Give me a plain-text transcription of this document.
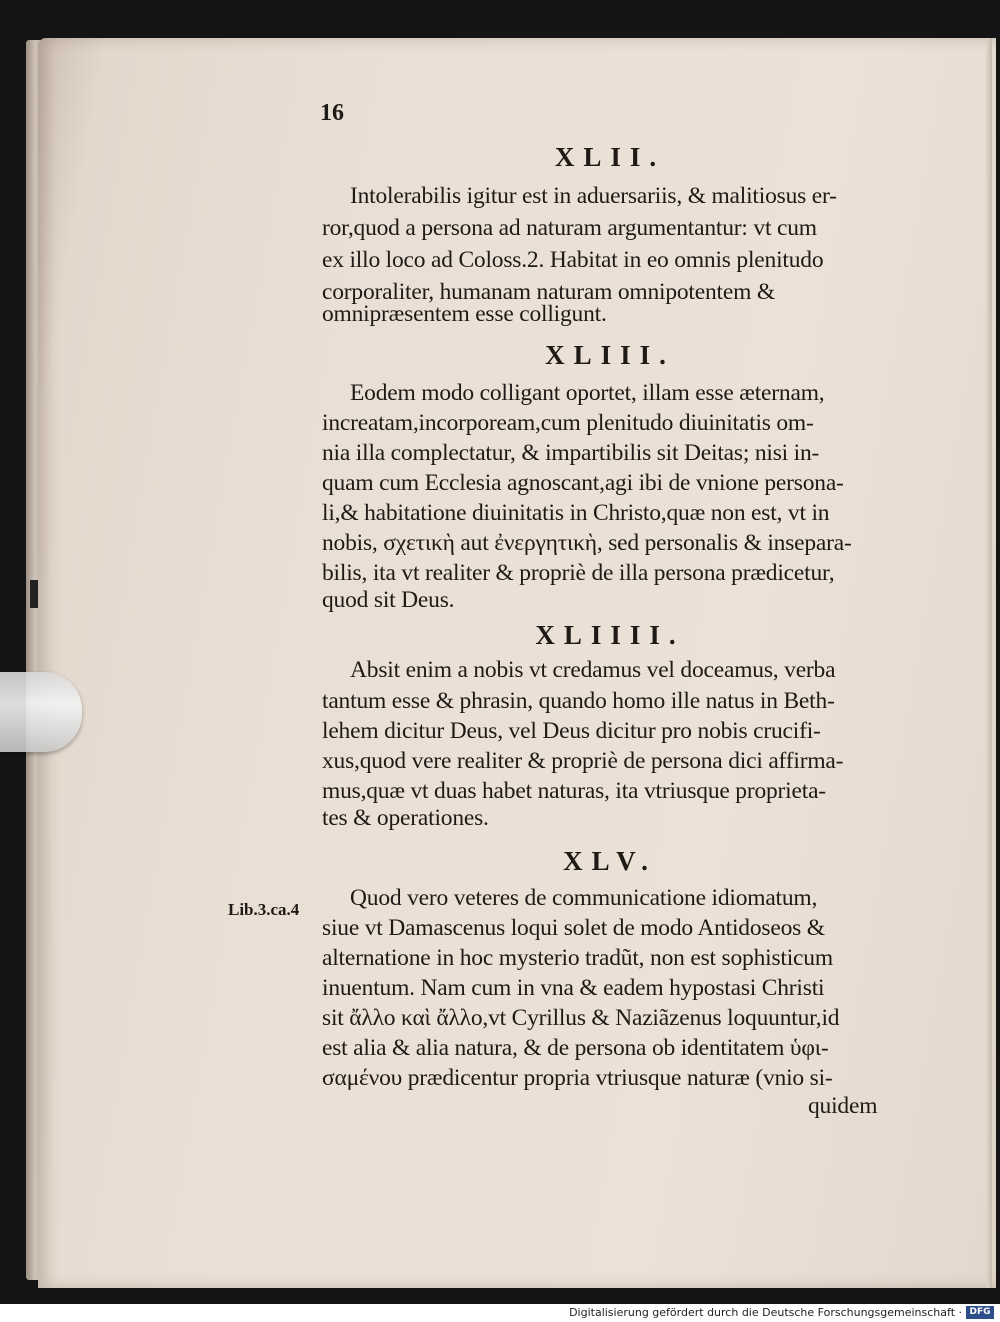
16
XLII.
Intolerabilis igitur est in aduersariis, & malitiosus er-
ror,quod a persona ad naturam argumentantur: vt cum
ex illo loco ad Coloss.2. Habitat in eo omnis plenitudo
corporaliter, humanam naturam omnipotentem &
omnipræsentem esse colligunt.
XLIII.
Eodem modo colligant oportet, illam esse æternam,
increatam,incorpoream,cum plenitudo diuinitatis om-
nia illa complectatur, & impartibilis sit Deitas; nisi in-
quam cum Ecclesia agnoscant,agi ibi de vnione persona-
li,& habitatione diuinitatis in Christo,quæ non est, vt in
nobis, σχετικὴ aut ἐνεργητικὴ, sed personalis & insepara-
bilis, ita vt realiter & propriè de illa persona prædicetur,
quod sit Deus.
XLIIII.
Absit enim a nobis vt credamus vel doceamus, verba
tantum esse & phrasin, quando homo ille natus in Beth-
lehem dicitur Deus, vel Deus dicitur pro nobis crucifi-
xus,quod vere realiter & propriè de persona dici affirma-
mus,quæ vt duas habet naturas, ita vtriusque proprieta-
tes & operationes.
XLV.
Lib.3.ca.4 Quod vero veteres de communicatione idiomatum,
siue vt Damascenus loqui solet de modo Antidoseos &
alternatione in hoc mysterio tradũt, non est sophisticum
inuentum. Nam cum in vna & eadem hypostasi Christi
sit ἄλλο καὶ ἄλλο,vt Cyrillus & Naziãzenus loquuntur,id
est alia & alia natura, & de persona ob identitatem ὑφι-
σαμένου prædicentur propria vtriusque naturæ (vnio si-
quidem
Digitalisierung gefördert durch die Deutsche Forschungsgemeinschaft · DFG
